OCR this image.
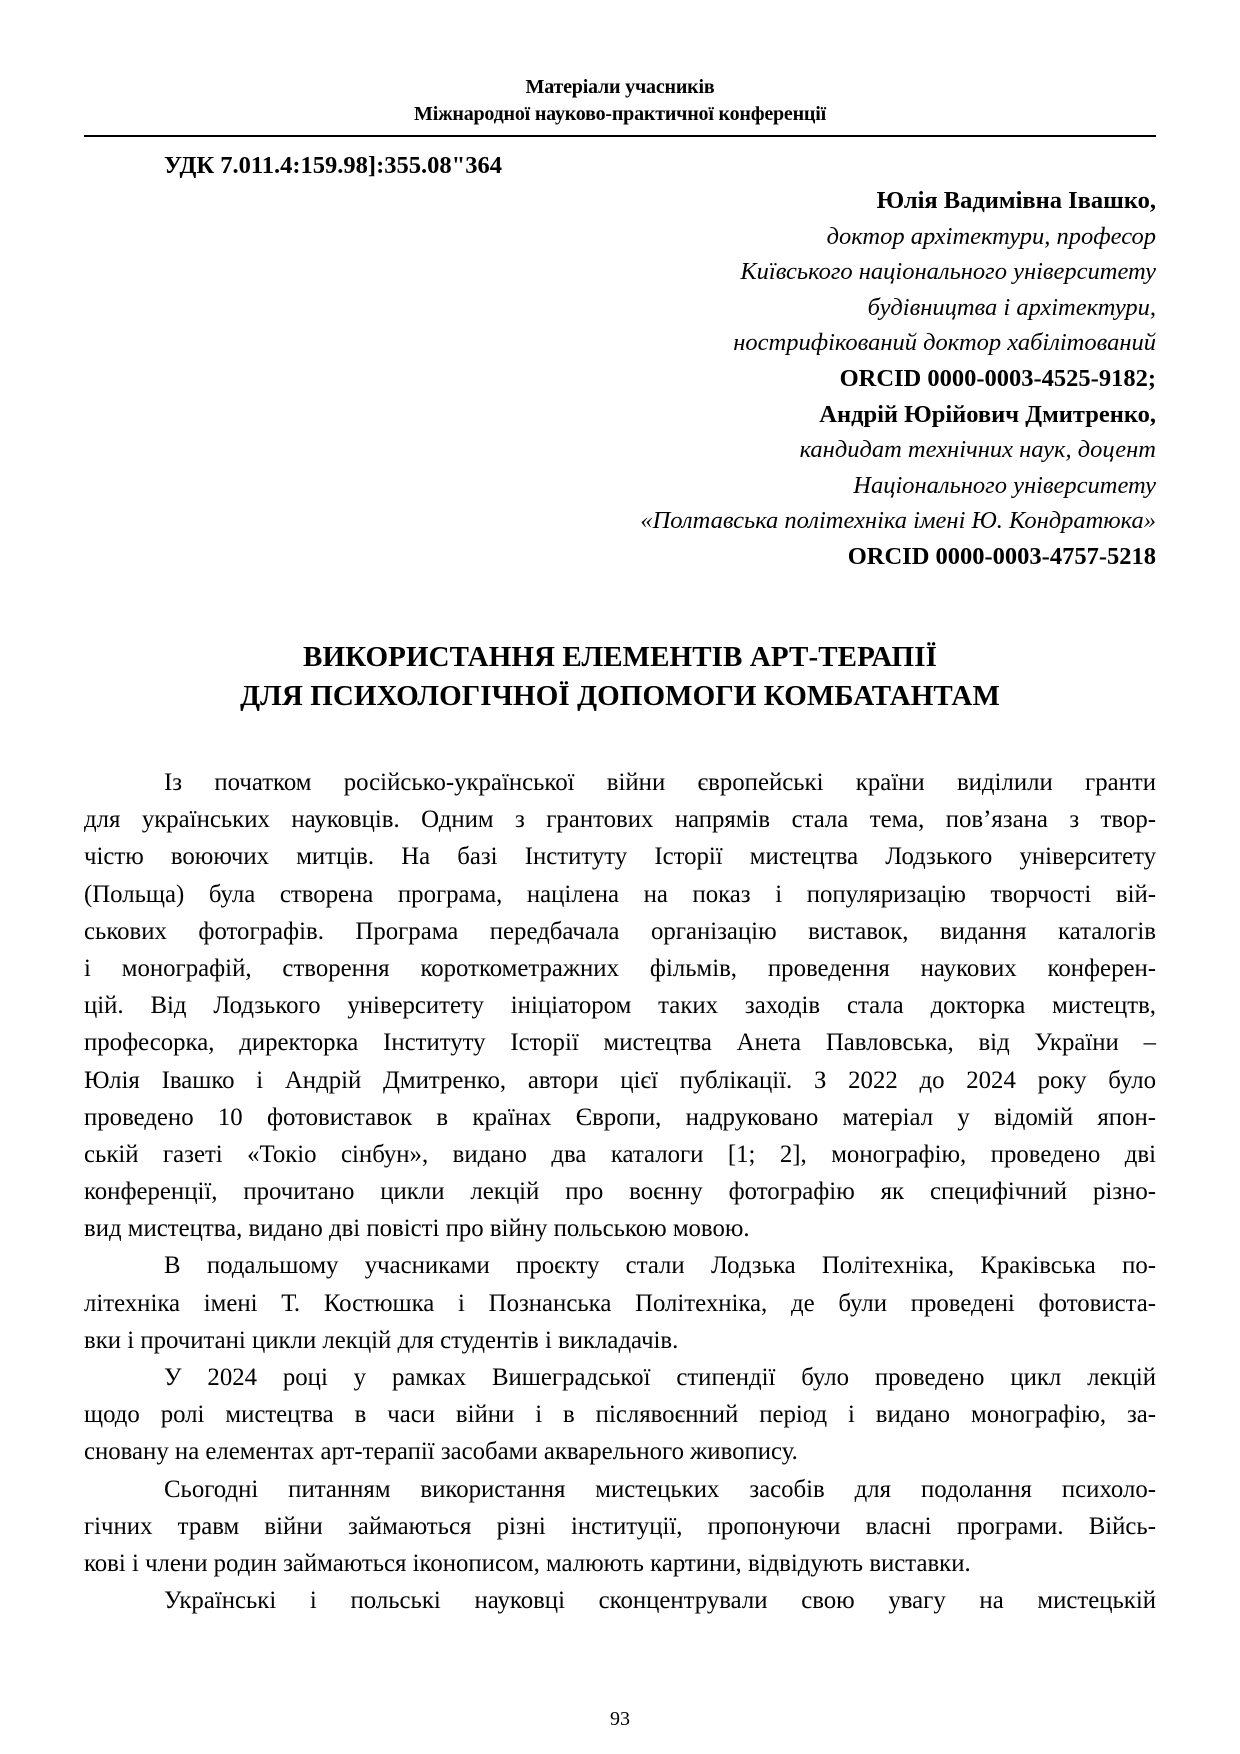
Матеріали учасників
Міжнародної науково-практичної конференції
УДК 7.011.4:159.98]:355.08"364
Юлія Вадимівна Івашко,
доктор архітектури, професор
Київського національного університету
будівництва і архітектури,
нострифікований доктор хабілітований
ORCID 0000-0003-4525-9182;
Андрій Юрійович Дмитренко,
кандидат технічних наук, доцент
Національного університету
«Полтавська політехніка імені Ю. Кондратюка»
ORCID 0000-0003-4757-5218
ВИКОРИСТАННЯ ЕЛЕМЕНТІВ АРТ-ТЕРАПІЇ
ДЛЯ ПСИХОЛОГІЧНОЇ ДОПОМОГИ КОМБАТАНТАМ
Із початком російсько-української війни європейські країни виділили гранти
для українських науковців. Одним з грантових напрямів стала тема, пов’язана з твор-
чістю воюючих митців. На базі Інституту Історії мистецтва Лодзького університету
(Польща) була створена програма, націлена на показ і популяризацію творчості вій-
ськових фотографів. Програма передбачала організацію виставок, видання каталогів
і монографій, створення короткометражних фільмів, проведення наукових конферен-
цій. Від Лодзького університету ініціатором таких заходів стала докторка мистецтв,
професорка, директорка Інституту Історії мистецтва Анета Павловська, від України –
Юлія Івашко і Андрій Дмитренко, автори цієї публікації. З 2022 до 2024 року було
проведено 10 фотовиставок в країнах Європи, надруковано матеріал у відомій япон-
ській газеті «Токіо сінбун», видано два каталоги [1; 2], монографію, проведено дві
конференції, прочитано цикли лекцій про воєнну фотографію як специфічний різно-
вид мистецтва, видано дві повісті про війну польською мовою.
В подальшому учасниками проєкту стали Лодзька Політехніка, Краківська по-
літехніка імені Т. Костюшка і Познанська Політехніка, де були проведені фотовиста-
вки і прочитані цикли лекцій для студентів і викладачів.
У 2024 році у рамках Вишеградської стипендії було проведено цикл лекцій
щодо ролі мистецтва в часи війни і в післявоєнний період і видано монографію, за-
сновану на елементах арт-терапії засобами акварельного живопису.
Сьогодні питанням використання мистецьких засобів для подолання психоло-
гічних травм війни займаються різні інституції, пропонуючи власні програми. Війсь-
кові і члени родин займаються іконописом, малюють картини, відвідують виставки.
Українські і польські науковці сконцентрували свою увагу на мистецькій
93
